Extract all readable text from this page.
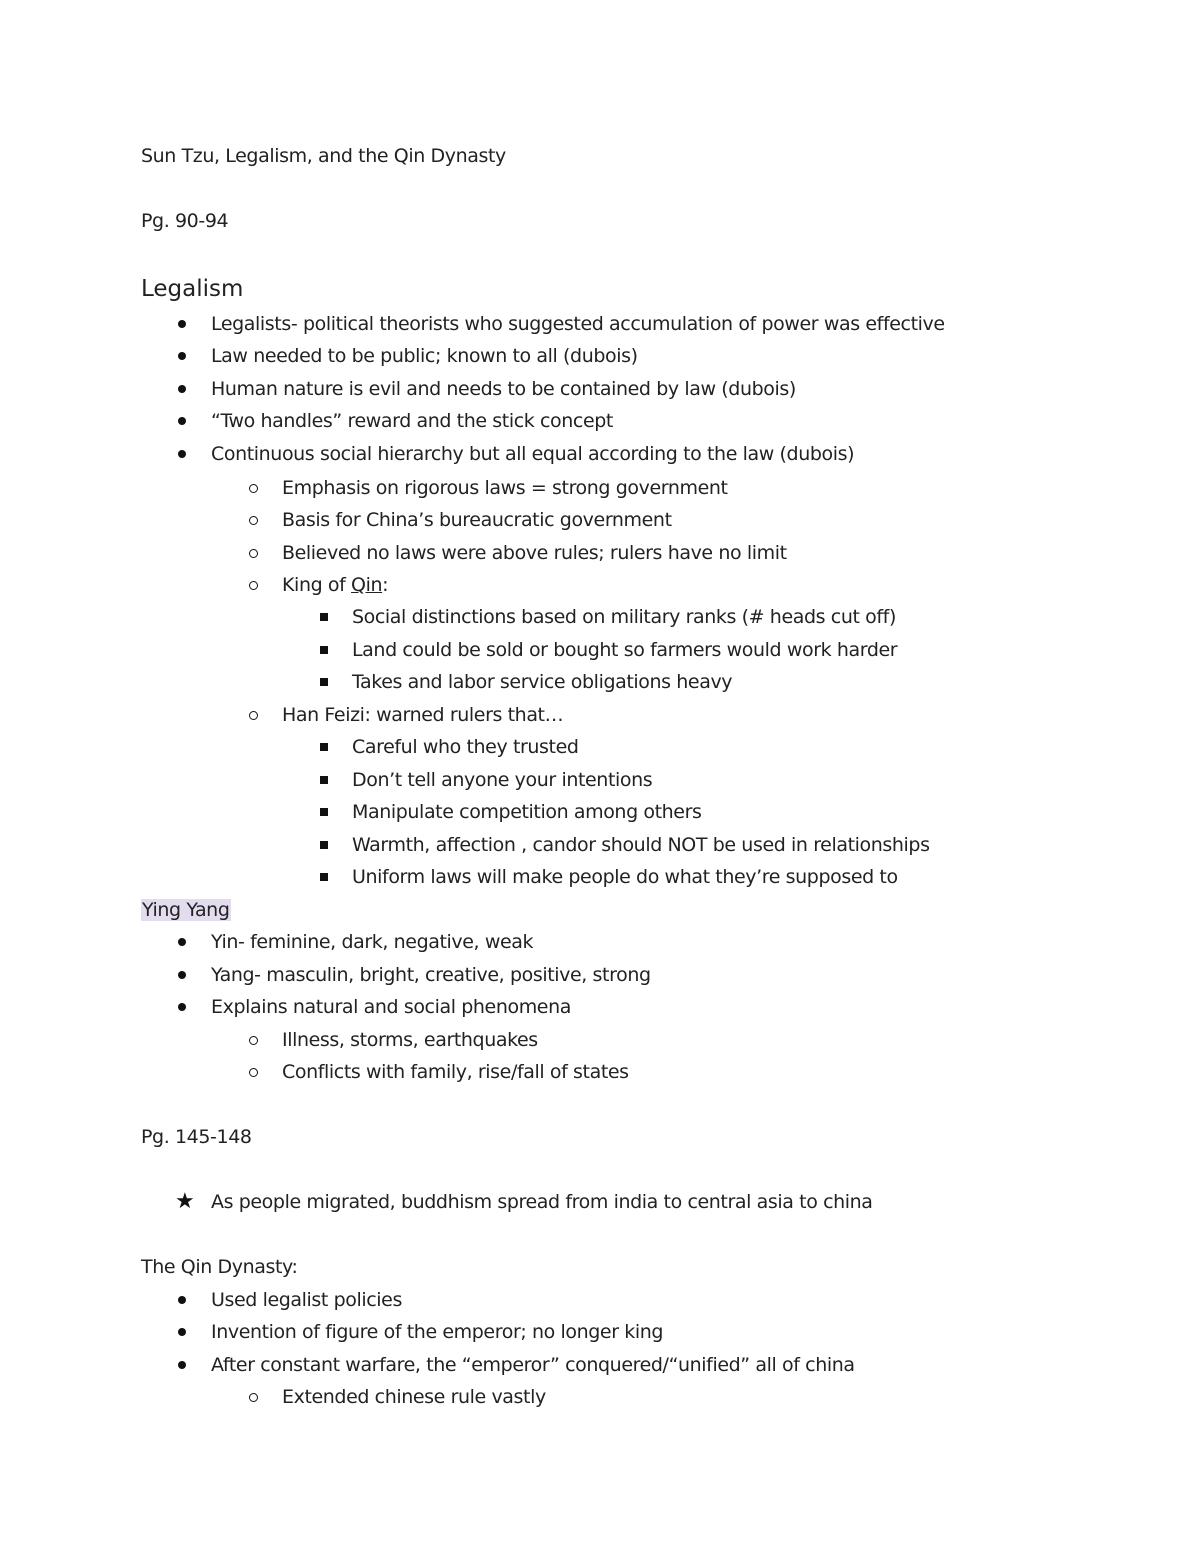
Sun Tzu, Legalism, and the Qin Dynasty
Pg. 90-94
Legalism
Legalists- political theorists who suggested accumulation of power was effective
Law needed to be public; known to all (dubois)
Human nature is evil and needs to be contained by law (dubois)
“Two handles” reward and the stick concept
Continuous social hierarchy but all equal according to the law (dubois)
Emphasis on rigorous laws = strong government
Basis for China’s bureaucratic government
Believed no laws were above rules; rulers have no limit
King of Qin:
Social distinctions based on military ranks (# heads cut off)
Land could be sold or bought so farmers would work harder
Takes and labor service obligations heavy
Han Feizi: warned rulers that…
Careful who they trusted
Don’t tell anyone your intentions
Manipulate competition among others
Warmth, affection , candor should NOT be used in relationships
Uniform laws will make people do what they’re supposed to
Ying Yang
Yin- feminine, dark, negative, weak
Yang- masculin, bright, creative, positive, strong
Explains natural and social phenomena
Illness, storms, earthquakes
Conflicts with family, rise/fall of states
Pg. 145-148
★ As people migrated, buddhism spread from india to central asia to china
The Qin Dynasty:
Used legalist policies
Invention of figure of the emperor; no longer king
After constant warfare, the “emperor” conquered/“unified” all of china
Extended chinese rule vastly
